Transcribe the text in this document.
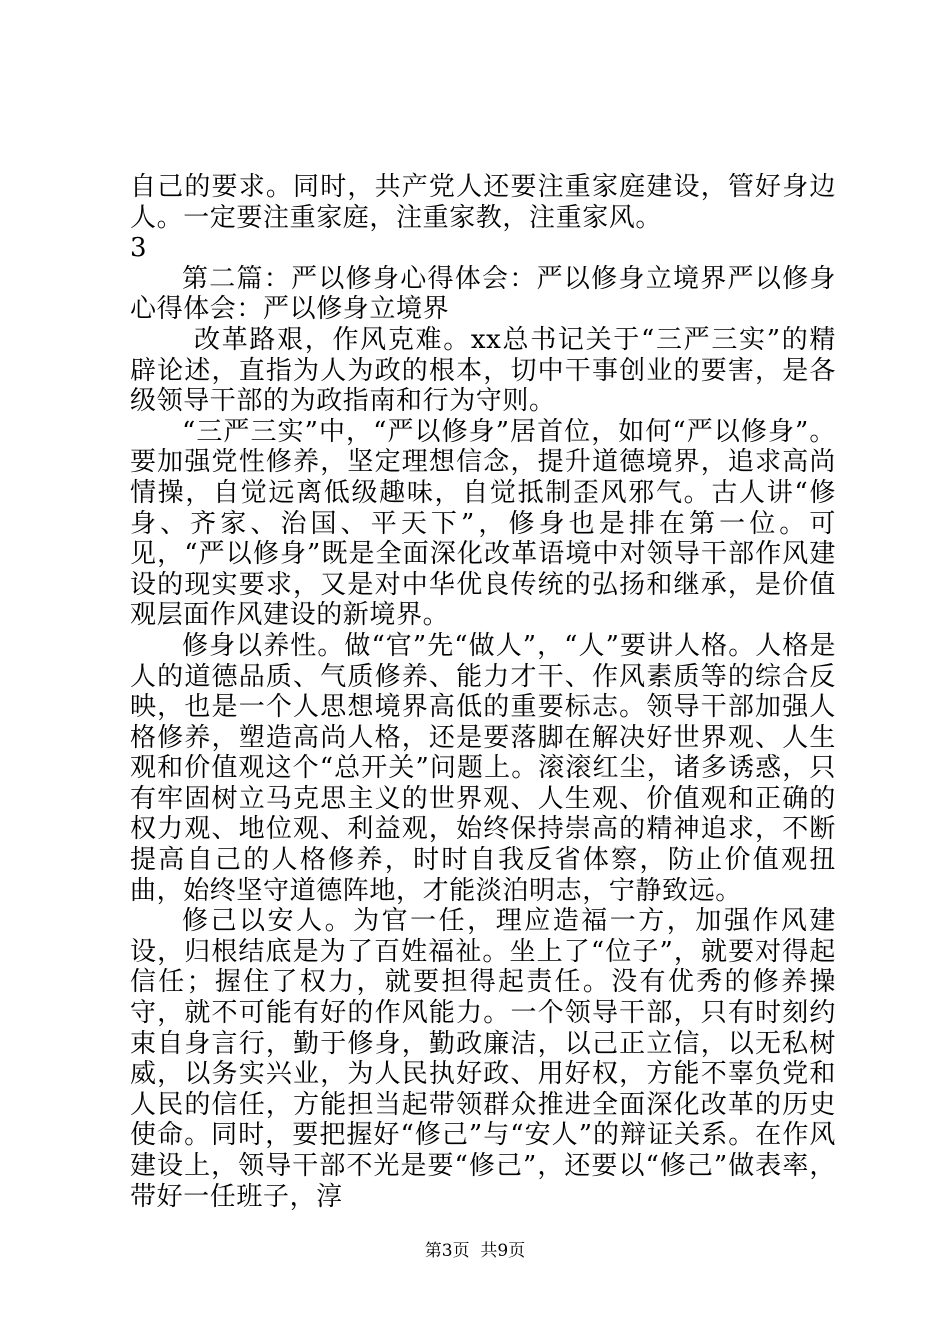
自己的要求。同时，共产党人还要注重家庭建设，管好身边人。一定要注重家庭，注重家教，注重家风。

3

第二篇：严以修身心得体会：严以修身立境界严以修身心得体会：严以修身立境界

改革路艰，作风克难。xx总书记关于“三严三实”的精辟论述，直指为人为政的根本，切中干事创业的要害，是各级领导干部的为政指南和行为守则。

“三严三实”中，“严以修身”居首位，如何“严以修身”。要加强党性修养，坚定理想信念，提升道德境界，追求高尚情操，自觉远离低级趣味，自觉抵制歪风邪气。古人讲“修身、齐家、治国、平天下”，修身也是排在第一位。可见，“严以修身”既是全面深化改革语境中对领导干部作风建设的现实要求，又是对中华优良传统的弘扬和继承，是价值观层面作风建设的新境界。

修身以养性。做“官”先“做人”，“人”要讲人格。人格是人的道德品质、气质修养、能力才干、作风素质等的综合反映，也是一个人思想境界高低的重要标志。领导干部加强人格修养，塑造高尚人格，还是要落脚在解决好世界观、人生观和价值观这个“总开关”问题上。滚滚红尘，诸多诱惑，只有牢固树立马克思主义的世界观、人生观、价值观和正确的权力观、地位观、利益观，始终保持崇高的精神追求，不断提高自己的人格修养，时时自我反省体察，防止价值观扭曲，始终坚守道德阵地，才能淡泊明志，宁静致远。

修己以安人。为官一任，理应造福一方，加强作风建设，归根结底是为了百姓福祉。坐上了“位子”，就要对得起信任；握住了权力，就要担得起责任。没有优秀的修养操守，就不可能有好的作风能力。一个领导干部，只有时刻约束自身言行，勤于修身，勤政廉洁，以己正立信，以无私树威，以务实兴业，为人民执好政、用好权，方能不辜负党和人民的信任，方能担当起带领群众推进全面深化改革的历史使命。同时，要把握好“修己”与“安人”的辩证关系。在作风建设上，领导干部不光是要“修己”，还要以“修己”做表率，带好一任班子，淳

第3页  共9页
